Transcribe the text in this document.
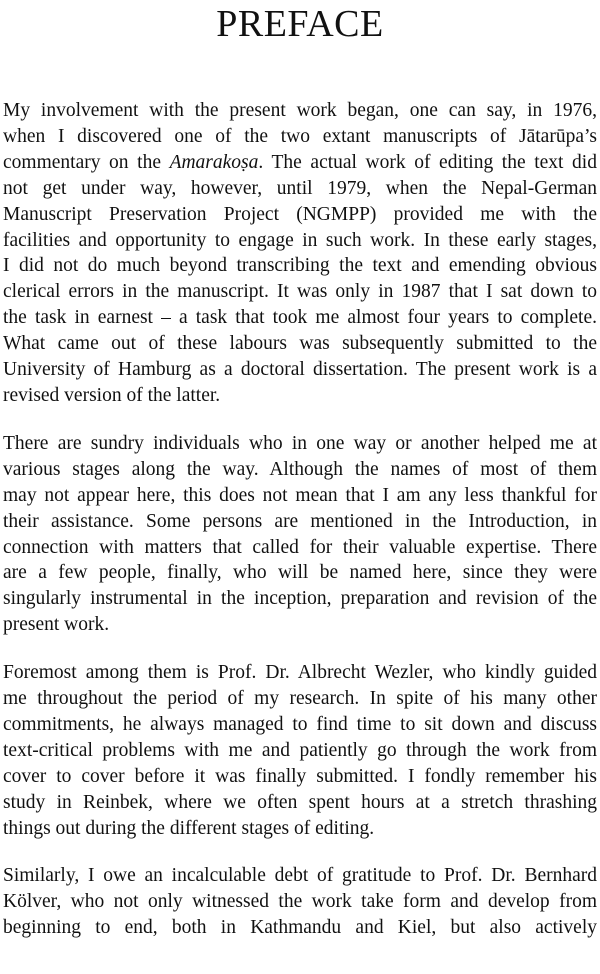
PREFACE

My involvement with the present work began, one can say, in 1976,
when I discovered one of the two extant manuscripts of Jātarūpa’s
commentary on the Amarakoṣa. The actual work of editing the text did
not get under way, however, until 1979, when the Nepal-German
Manuscript Preservation Project (NGMPP) provided me with the
facilities and opportunity to engage in such work. In these early stages,
I did not do much beyond transcribing the text and emending obvious
clerical errors in the manuscript. It was only in 1987 that I sat down to
the task in earnest – a task that took me almost four years to complete.
What came out of these labours was subsequently submitted to the
University of Hamburg as a doctoral dissertation. The present work is a
revised version of the latter.

There are sundry individuals who in one way or another helped me at
various stages along the way. Although the names of most of them
may not appear here, this does not mean that I am any less thankful for
their assistance. Some persons are mentioned in the Introduction, in
connection with matters that called for their valuable expertise. There
are a few people, finally, who will be named here, since they were
singularly instrumental in the inception, preparation and revision of the
present work.

Foremost among them is Prof. Dr. Albrecht Wezler, who kindly guided
me throughout the period of my research. In spite of his many other
commitments, he always managed to find time to sit down and discuss
text-critical problems with me and patiently go through the work from
cover to cover before it was finally submitted. I fondly remember his
study in Reinbek, where we often spent hours at a stretch thrashing
things out during the different stages of editing.

Similarly, I owe an incalculable debt of gratitude to Prof. Dr. Bernhard
Kölver, who not only witnessed the work take form and develop from
beginning to end, both in Kathmandu and Kiel, but also actively
